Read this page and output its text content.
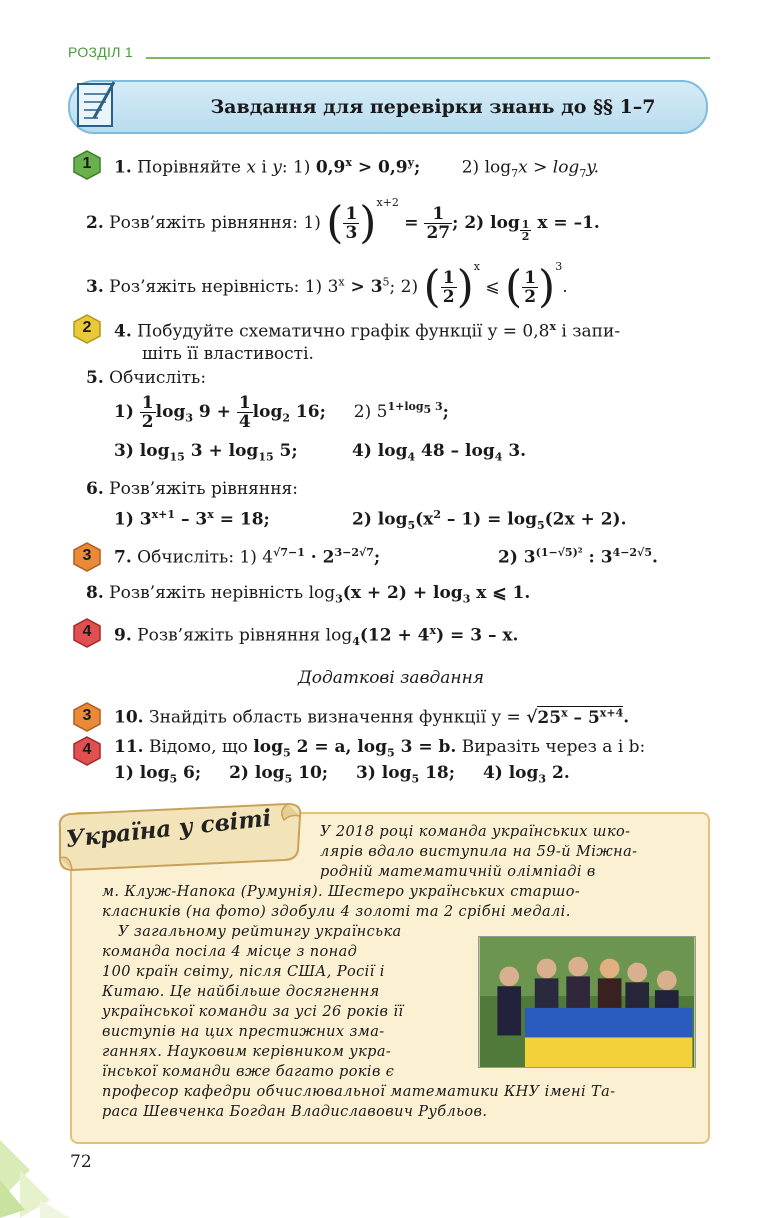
РОЗДІЛ 1
Завдання для перевірки знань до §§ 1–7
1
2
3
4
3
4
1. Порівняйте x і y: 1) $0,9^x > 0,9^y$; 2) $\log_7x > \log_7y$.
2. Розв’яжіть рівняння: 1) ( $\frac{1}{3} )^{x+2} = \frac{1}{27}$ ; 2) $\log \frac{1}{2}$ x = –1.
3. Роз’яжіть нерівність: 1) $3^x > 3^5$; 2) ( $\frac{1}{2} )^x$ ⩽ ( $\frac{1}{2} )^3$.
4. Побудуйте схематично графік функції $y = 0,8^x$ і запи-
шіть її властивості.
5. Обчисліть:
$1) \frac{1}{2} \log_3 9 + \frac{1}{4} \log_2 16$; 2) $5^{1+log_5 3}$;
3) $\log_{15} 3 + \log_{15} 5$;	4) $\log_4 48 - \log_4 3$.
6. Розв’яжіть рівняння:
1) $3^{x+1} - 3^x = 18$;	2) $\log_5(x^2 - 1) = \log_5(2x + 2)$.
7. Обчисліть: 1) $4^{√7-1} \cdot 2^{3-2√7}$;	2) $3^{(1-√5)^2}$ : $3^{4-2√5}$.
8. Розв’яжіть нерівність $\log_3(x + 2) + \log_3 x$ ⩽ 1.
9. Розв’яжіть рівняння $\log_4(12 + 4^x) = 3 - x$.
Додаткові завдання
10. Знайдіть область визначення функції $y = √25^x - 5^{x+4}$.
11. Відомо, що $\log_5 2 = a$, $\log_5 3 = b$. Виразіть через a і b:
1) $\log_5 6$; 2) $\log_5 10$; 3) $\log_5 18$; 4) $\log_3 2$.
Україна у світі	У 2018 році команда українських шко-
лярів вдало виступила на 59-й Міжна-
родній математичній олімпіаді в
м. Клуж-Напока (Румунія). Шестеро українських старшо-
класників (на фото) здобули 4 золоті та 2 срібні медалі.
У загальному рейтингу українська
команда посіла 4 місце з понад
100 країн світу, після США, Росії і
Китаю. Це найбільше досягнення
української команди за усі 26 років її
виступів на цих престижних зма-
ганнях. Науковим керівником укра-
їнської команди вже багато років є
професор кафедри обчислювальної математики КНУ імені Та-
раса Шевченка Богдан Владиславович Рубльов.
72
